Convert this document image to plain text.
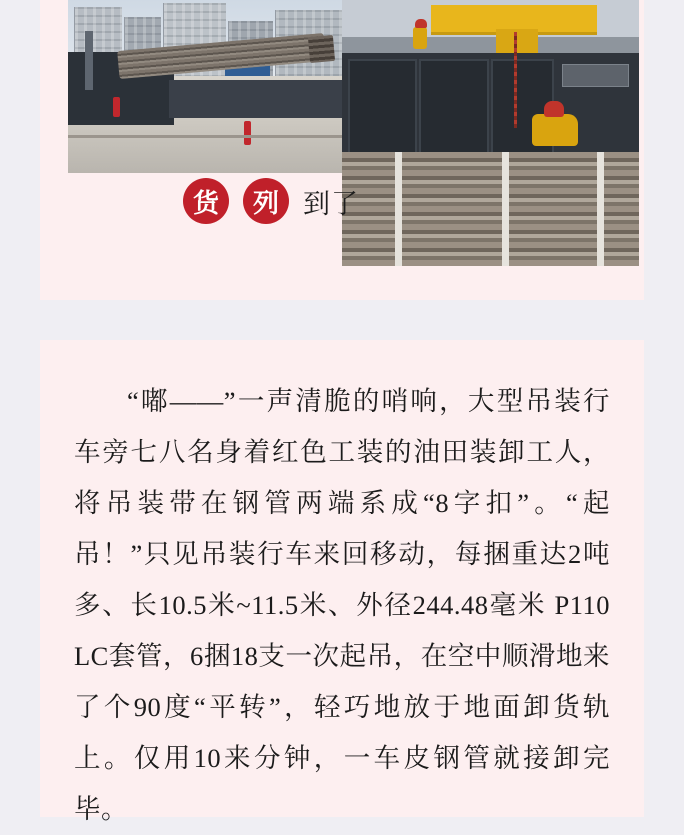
货	列 到了

“嘟——”一声清脆的哨响，大型吊装行车旁七八名身着红色工装的油田装卸工人，将吊装带在钢管两端系成“8字扣”。“起吊！”只见吊装行车来回移动，每捆重达2吨多、长10.5米~11.5米、外径244.48毫米 P110 LC套管，6捆18支一次起吊，在空中顺滑地来了个90度“平转”，轻巧地放于地面卸货轨上。仅用10来分钟，一车皮钢管就接卸完毕。
